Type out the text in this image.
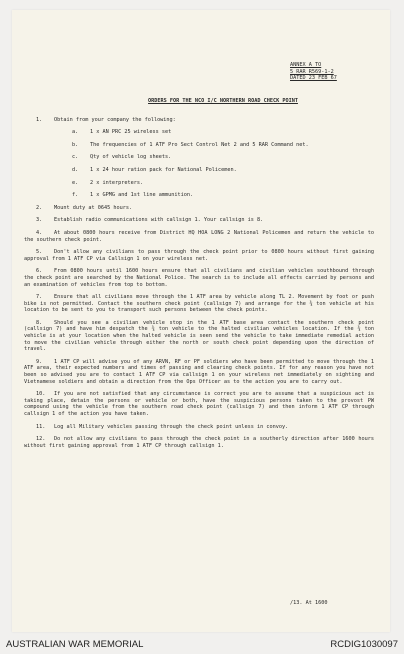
ANNEX A TO
5 RAR R569-1-2
DATED 23 FEB 67
ORDERS FOR THE NCO I/C NORTHERN ROAD CHECK POINT
1.	Obtain from your company the following:
a.	1 x AN PRC 25 wireless set
b.	The frequencies of 1 ATF Pro Sect Control Net 2 and 5 RAR Command net.
c.	Qty of vehicle log sheets.
d.	1 x 24 hour ration pack for National Policemen.
e.	2 x interpreters.
f.	1 x GPMG and 1st line ammunition.
2.	Mount duty at 0645 hours.
3.	Establish radio communications with callsign 1. Your callsign is 8.
4. At about 0800 hours receive from District HQ HOA LONG 2 National Policemen and return the vehicle to the southern check point.
5. Don't allow any civilians to pass through the check point prior to 0800 hours without first gaining approval from 1 ATF CP via Callsign 1 on your wireless net.
6. From 0800 hours until 1600 hours ensure that all civilians and civilian vehicles southbound through the check point are searched by the National Police. The search is to include all effects carried by persons and an examination of vehicles from top to bottom.
7. Ensure that all civilians move through the 1 ATF area by vehicle along TL 2. Movement by foot or push bike is not permitted. Contact the southern check point (callsign 7) and arrange for the ¾ ton vehicle at his location to be sent to you to transport such persons between the check points.
8. Should you see a civilian vehicle stop in the 1 ATF base area contact the southern check point (callsign 7) and have him despatch the ¾ ton vehicle to the halted civilian vehicles location. If the ¾ ton vehicle is at your location when the halted vehicle is seen send the vehicle to take immediate remedial action to move the civilian vehicle through either the north or south check point depending upon the direction of travel.
9. 1 ATF CP will advise you of any ARVN, RF or PF soldiers who have been permitted to move through the 1 ATF area, their expected numbers and times of passing and clearing check points. If for any reason you have not been so advised you are to contact 1 ATF CP via callsign 1 on your wireless net immediately on sighting and Vietnamese soldiers and obtain a direction from the Ops Officer as to the action you are to carry out.
10. If you are not satisfied that any circumstance is correct you are to assume that a suspicious act is taking place, detain the persons or vehicle or both, have the suspicious persons taken to the provost PW compound using the vehicle from the southern road check point (callsign 7) and then inform 1 ATF CP through callsign 1 of the action you have taken.
11. Log all Military vehicles passing through the check point unless in convoy.
12. Do not allow any civilians to pass through the check point in a southerly direction after 1600 hours without first gaining approval from 1 ATF CP through callsign 1.
/13. At 1600
AUSTRALIAN WAR MEMORIAL	RCDIG1030097
